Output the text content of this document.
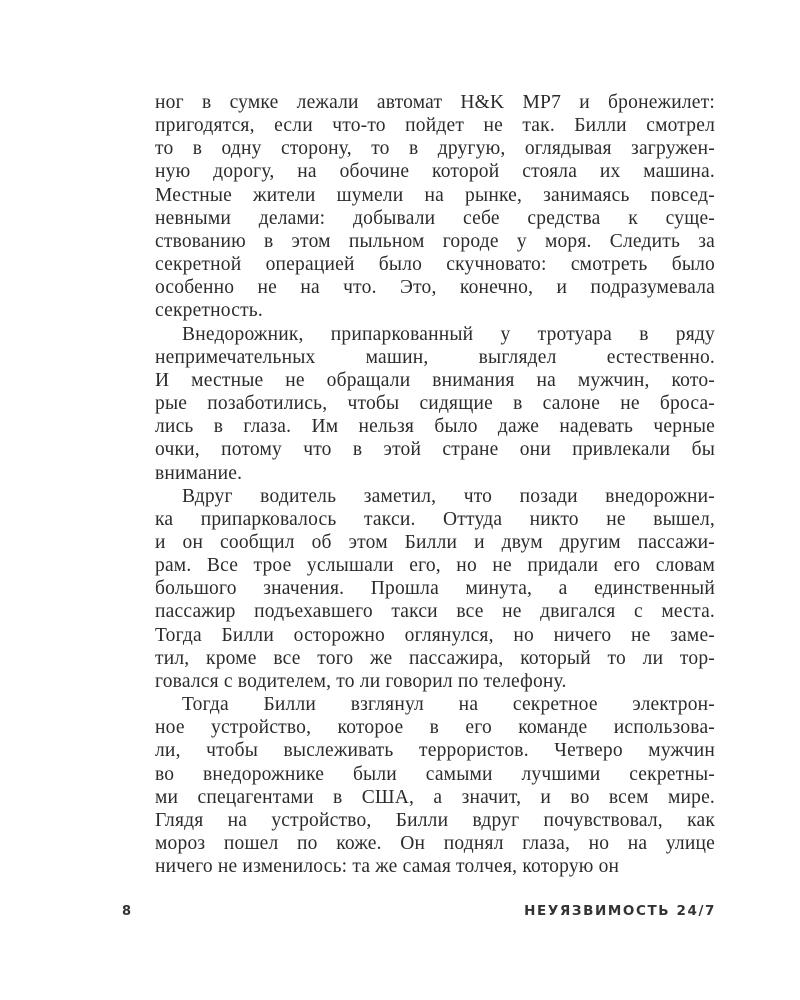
ног в сумке лежали автомат H&K MP7 и бронежилет:
пригодятся, если что-то пойдет не так. Билли смотрел
то в одну сторону, то в другую, оглядывая загружен-
ную дорогу, на обочине которой стояла их машина.
Местные жители шумели на рынке, занимаясь повсед-
невными делами: добывали себе средства к суще-
ствованию в этом пыльном городе у моря. Следить за
секретной операцией было скучновато: смотреть было
особенно не на что. Это, конечно, и подразумевала
секретность.
Внедорожник, припаркованный у тротуара в ряду
непримечательных машин, выглядел естественно.
И местные не обращали внимания на мужчин, кото-
рые позаботились, чтобы сидящие в салоне не броса-
лись в глаза. Им нельзя было даже надевать черные
очки, потому что в этой стране они привлекали бы
внимание.
Вдруг водитель заметил, что позади внедорожни-
ка припарковалось такси. Оттуда никто не вышел,
и он сообщил об этом Билли и двум другим пассажи-
рам. Все трое услышали его, но не придали его словам
большого значения. Прошла минута, а единственный
пассажир подъехавшего такси все не двигался с места.
Тогда Билли осторожно оглянулся, но ничего не заме-
тил, кроме все того же пассажира, который то ли тор-
говался с водителем, то ли говорил по телефону.
Тогда Билли взглянул на секретное электрон-
ное устройство, которое в его команде использова-
ли, чтобы выслеживать террористов. Четверо мужчин
во внедорожнике были самыми лучшими секретны-
ми спецагентами в США, а значит, и во всем мире.
Глядя на устройство, Билли вдруг почувствовал, как
мороз пошел по коже. Он поднял глаза, но на улице
ничего не изменилось: та же самая толчея, которую он
8	НЕУЯЗВИМОСТЬ 24/7
